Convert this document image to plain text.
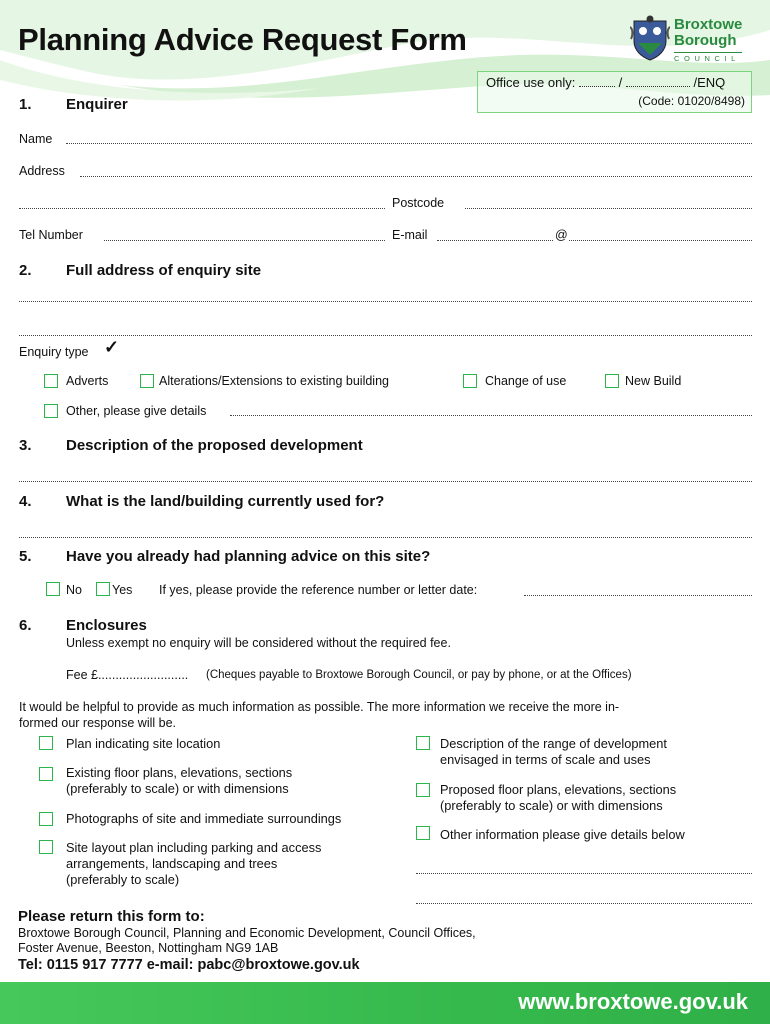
Planning Advice Request Form	Broxtowe
Borough
COUNCIL
Office use only:	/	/ENQ
(Code: 01020/8498)
1. Enquirer
Name
Address
Postcode
Tel Number	E-mail	@
2. Full address of enquiry site
Enquiry type ✓
Adverts	Alterations/Extensions to existing building	Change of use	New Build
Other, please give details
3. Description of the proposed development
4. What is the land/building currently used for?
5. Have you already had planning advice on this site?
No Yes If yes, please provide the reference number or letter date:
6. Enclosures
Unless exempt no enquiry will be considered without the required fee.
Fee £.......................... (Cheques payable to Broxtowe Borough Council, or pay by phone, or at the Offices)
It would be helpful to provide as much information as possible. The more information we receive the more in-
formed our response will be.
Plan indicating site location
Existing floor plans, elevations, sections
(preferably to scale) or with dimensions
Photographs of site and immediate surroundings
Site layout plan including parking and access
arrangements, landscaping and trees
(preferably to scale)
Description of the range of development
envisaged in terms of scale and uses
Proposed floor plans, elevations, sections
(preferably to scale) or with dimensions
Other information please give details below
Please return this form to:
Broxtowe Borough Council, Planning and Economic Development, Council Offices,
Foster Avenue, Beeston, Nottingham NG9 1AB
Tel: 0115 917 7777 e-mail: pabc@broxtowe.gov.uk
www.broxtowe.gov.uk
